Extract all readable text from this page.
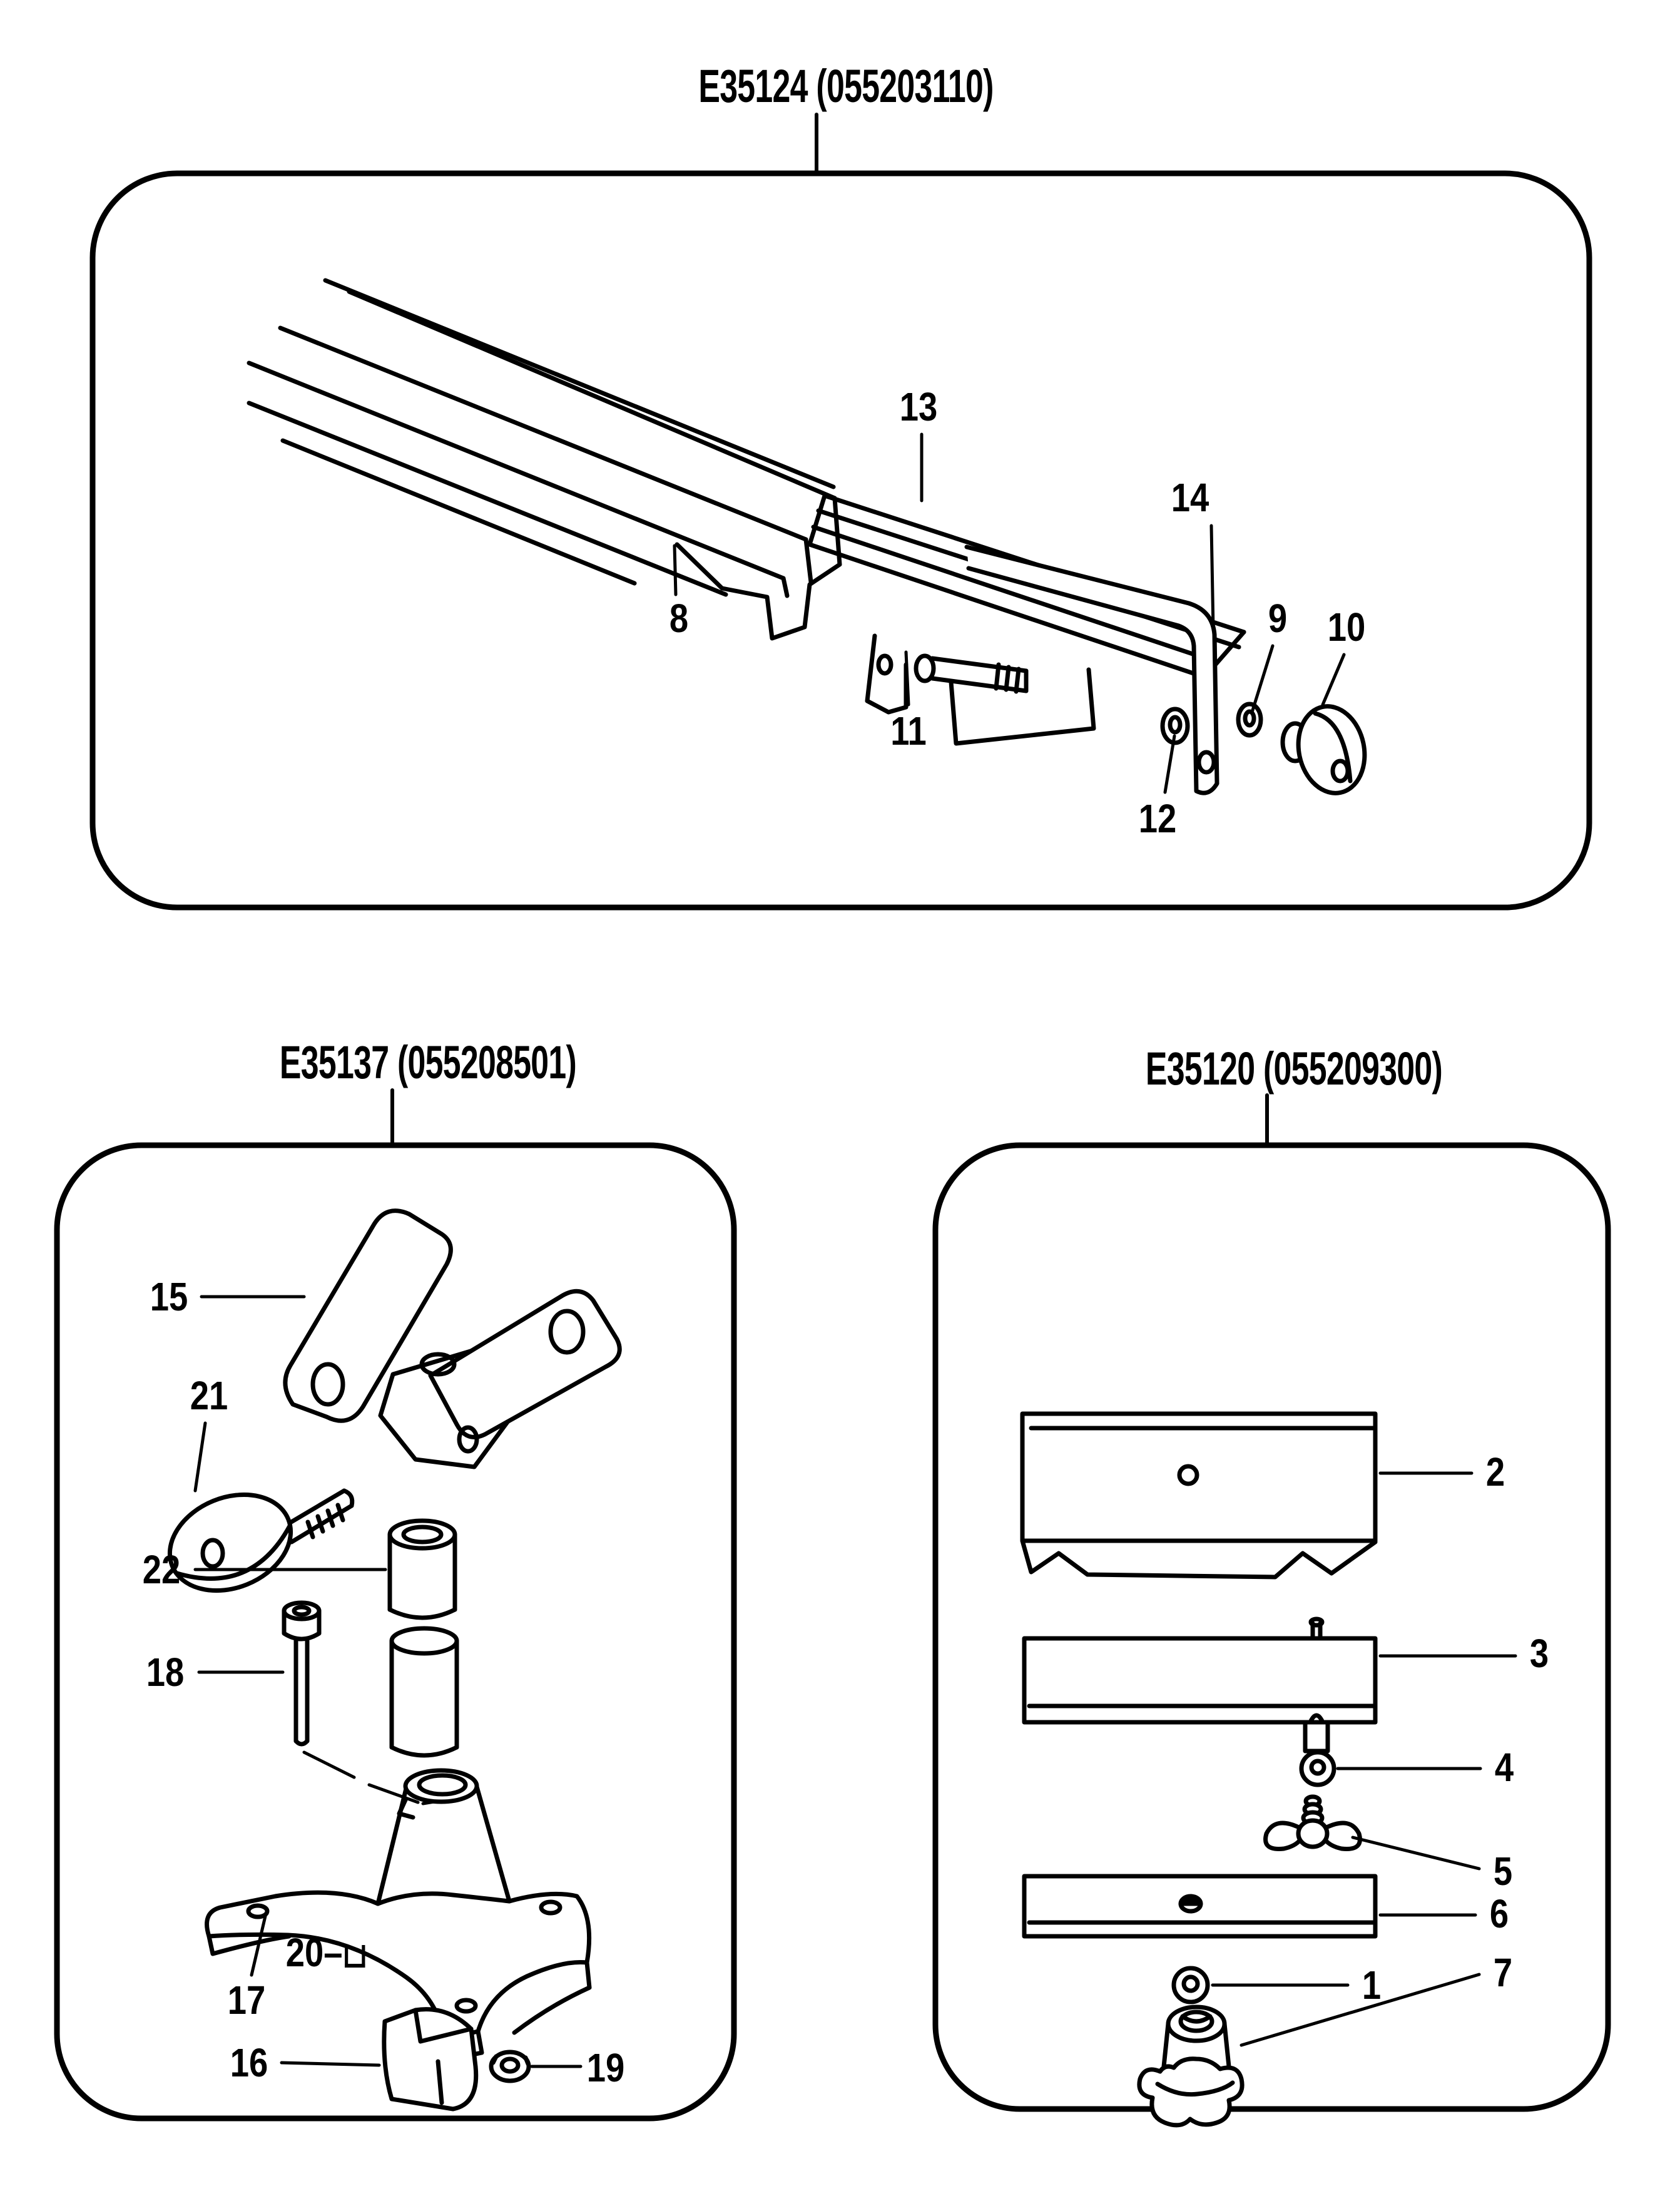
E35124 (055203110)
8
13
14
9 10
11
12
E35137 (055208501)
15
21
22
18
17
20–
16	19
E35120 (055209300)
2
3
4
5
6
1	7
